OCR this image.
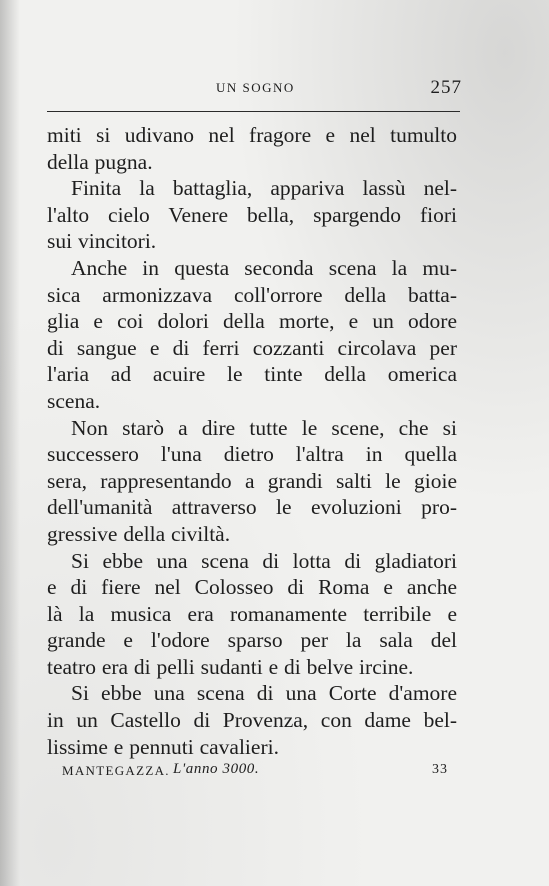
UN SOGNO	257

miti si udivano nel fragore e nel tumulto
della pugna.

Finita la battaglia, appariva lassù nel-
l'alto cielo Venere bella, spargendo fiori
sui vincitori.

Anche in questa seconda scena la mu-
sica armonizzava coll'orrore della batta-
glia e coi dolori della morte, e un odore
di sangue e di ferri cozzanti circolava per
l'aria ad acuire le tinte della omerica
scena.

Non starò a dire tutte le scene, che si
successero l'una dietro l'altra in quella
sera, rappresentando a grandi salti le gioie
dell'umanità attraverso le evoluzioni pro-
gressive della civiltà.

Si ebbe una scena di lotta di gladiatori
e di fiere nel Colosseo di Roma e anche
là la musica era romanamente terribile e
grande e l'odore sparso per la sala del
teatro era di pelli sudanti e di belve ircine.

Si ebbe una scena di una Corte d'amore
in un Castello di Provenza, con dame bel-
lissime e pennuti cavalieri.

MANTEGAZZA. L'anno 3000.	33
